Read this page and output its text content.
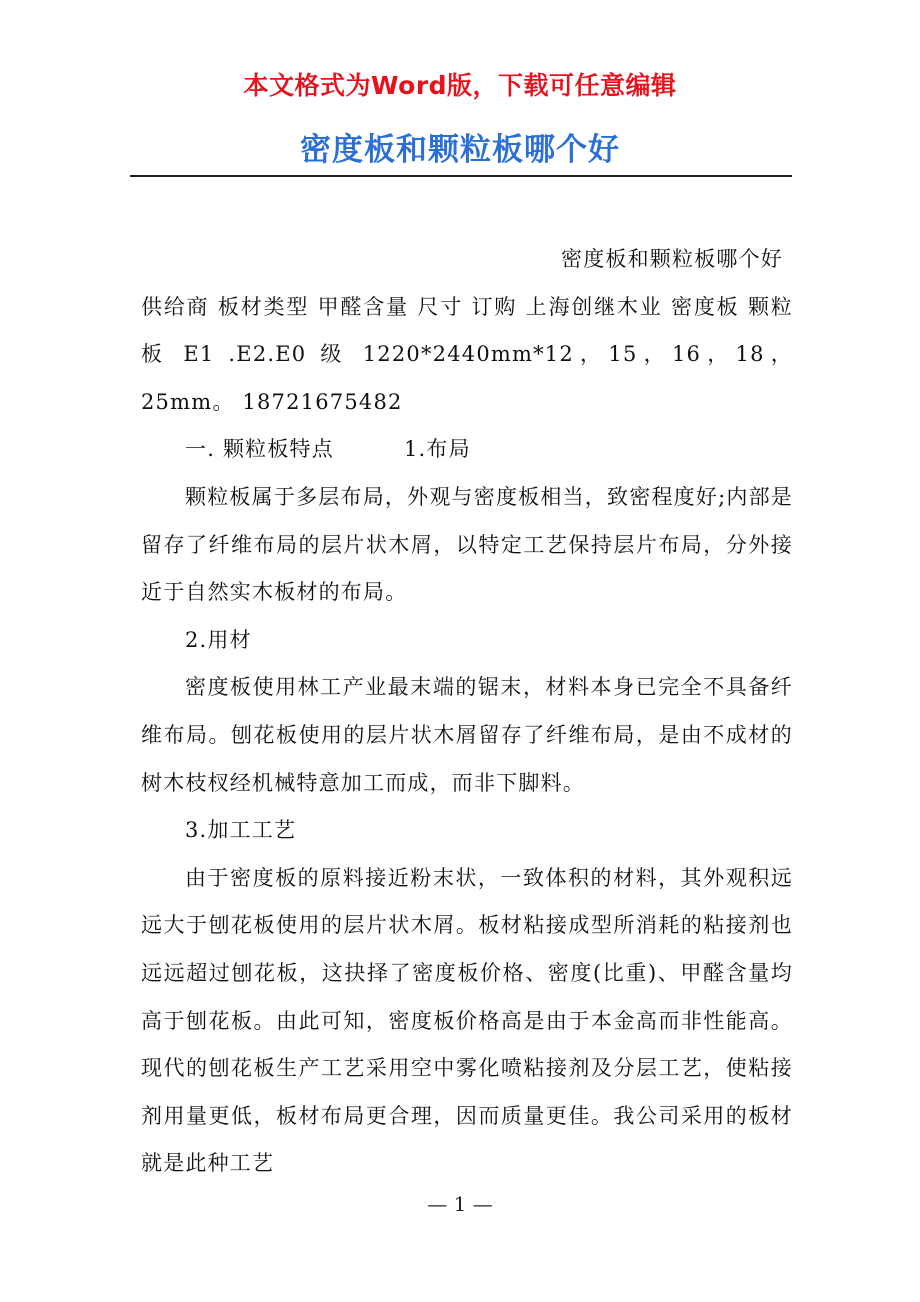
本文格式为Word版，下载可任意编辑
密度板和颗粒板哪个好

密度板和颗粒板哪个好

供给商 板材类型 甲醛含量 尺寸 订购 上海创继木业 密度板 颗粒板 E1 .E2.E0 级 1220*2440mm*12，15，16，18，25mm。 18721675482

一. 颗粒板特点	1.布局

颗粒板属于多层布局，外观与密度板相当，致密程度好;内部是留存了纤维布局的层片状木屑，以特定工艺保持层片布局，分外接近于自然实木板材的布局。

2.用材

密度板使用林工产业最末端的锯末，材料本身已完全不具备纤维布局。刨花板使用的层片状木屑留存了纤维布局，是由不成材的树木枝杈经机械特意加工而成，而非下脚料。

3.加工工艺

由于密度板的原料接近粉末状，一致体积的材料，其外观积远远大于刨花板使用的层片状木屑。板材粘接成型所消耗的粘接剂也远远超过刨花板，这抉择了密度板价格、密度(比重)、甲醛含量均高于刨花板。由此可知，密度板价格高是由于本金高而非性能高。 现代的刨花板生产工艺采用空中雾化喷粘接剂及分层工艺，使粘接剂用量更低，板材布局更合理，因而质量更佳。我公司采用的板材就是此种工艺

— 1 —
